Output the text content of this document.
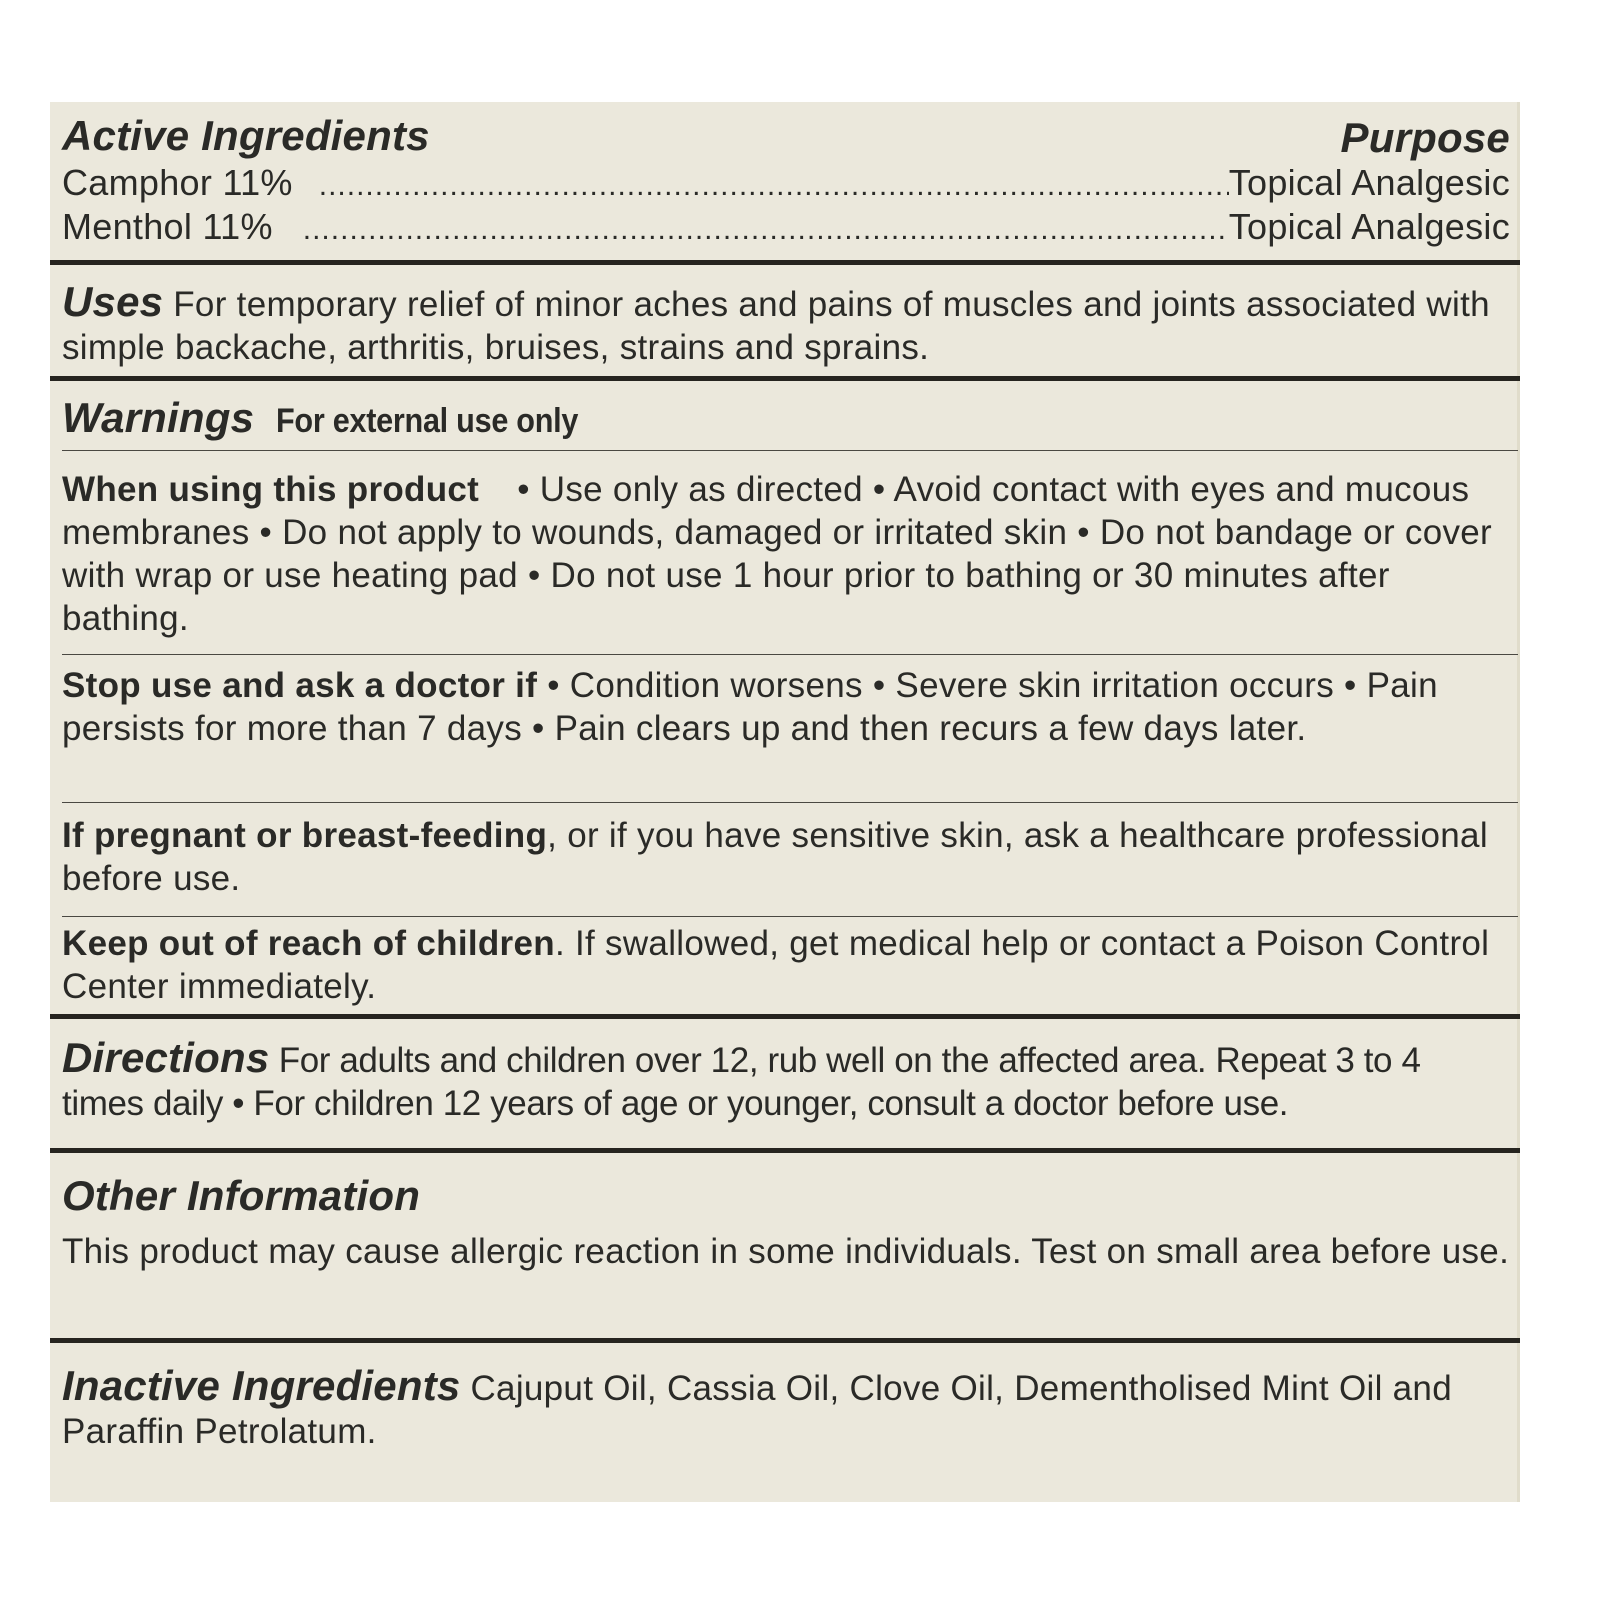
Active Ingredients	Purpose
Camphor 11% .....	Topical Analgesic
Menthol 11% .....	Topical Analgesic
Uses For temporary relief of minor aches and pains of muscles and joints associated with simple backache, arthritis, bruises, strains and sprains.
Warnings For external use only
When using this product • Use only as directed • Avoid contact with eyes and mucous membranes • Do not apply to wounds, damaged or irritated skin • Do not bandage or cover with wrap or use heating pad • Do not use 1 hour prior to bathing or 30 minutes after bathing.
Stop use and ask a doctor if • Condition worsens • Severe skin irritation occurs • Pain persists for more than 7 days • Pain clears up and then recurs a few days later.
If pregnant or breast-feeding, or if you have sensitive skin, ask a healthcare professional before use.
Keep out of reach of children. If swallowed, get medical help or contact a Poison Control Center immediately.
Directions For adults and children over 12, rub well on the affected area. Repeat 3 to 4 times daily • For children 12 years of age or younger, consult a doctor before use.
Other Information
This product may cause allergic reaction in some individuals. Test on small area before use.
Inactive Ingredients Cajuput Oil, Cassia Oil, Clove Oil, Dementholised Mint Oil and Paraffin Petrolatum.
